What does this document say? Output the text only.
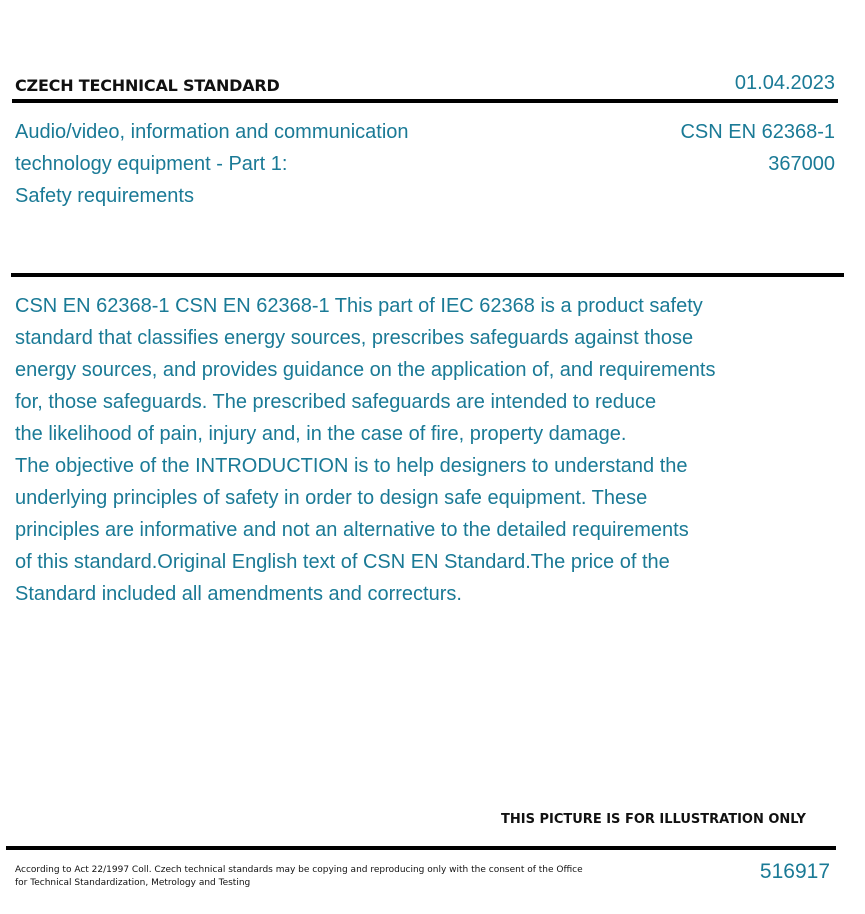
CZECH TECHNICAL STANDARD	01.04.2023
Audio/video, information and communication
technology equipment - Part 1:
Safety requirements
CSN EN 62368-1
367000
CSN EN 62368-1 CSN EN 62368-1 This part of IEC 62368 is a product safety
standard that classifies energy sources, prescribes safeguards against those
energy sources, and provides guidance on the application of, and requirements
for, those safeguards. The prescribed safeguards are intended to reduce
the likelihood of pain, injury and, in the case of fire, property damage.
The objective of the INTRODUCTION is to help designers to understand the
underlying principles of safety in order to design safe equipment. These
principles are informative and not an alternative to the detailed requirements
of this standard.Original English text of CSN EN Standard.The price of the
Standard included all amendments and correcturs.
THIS PICTURE IS FOR ILLUSTRATION ONLY
According to Act 22/1997 Coll. Czech technical standards may be copying and reproducing only with the consent of the Office
for Technical Standardization, Metrology and Testing	516917
